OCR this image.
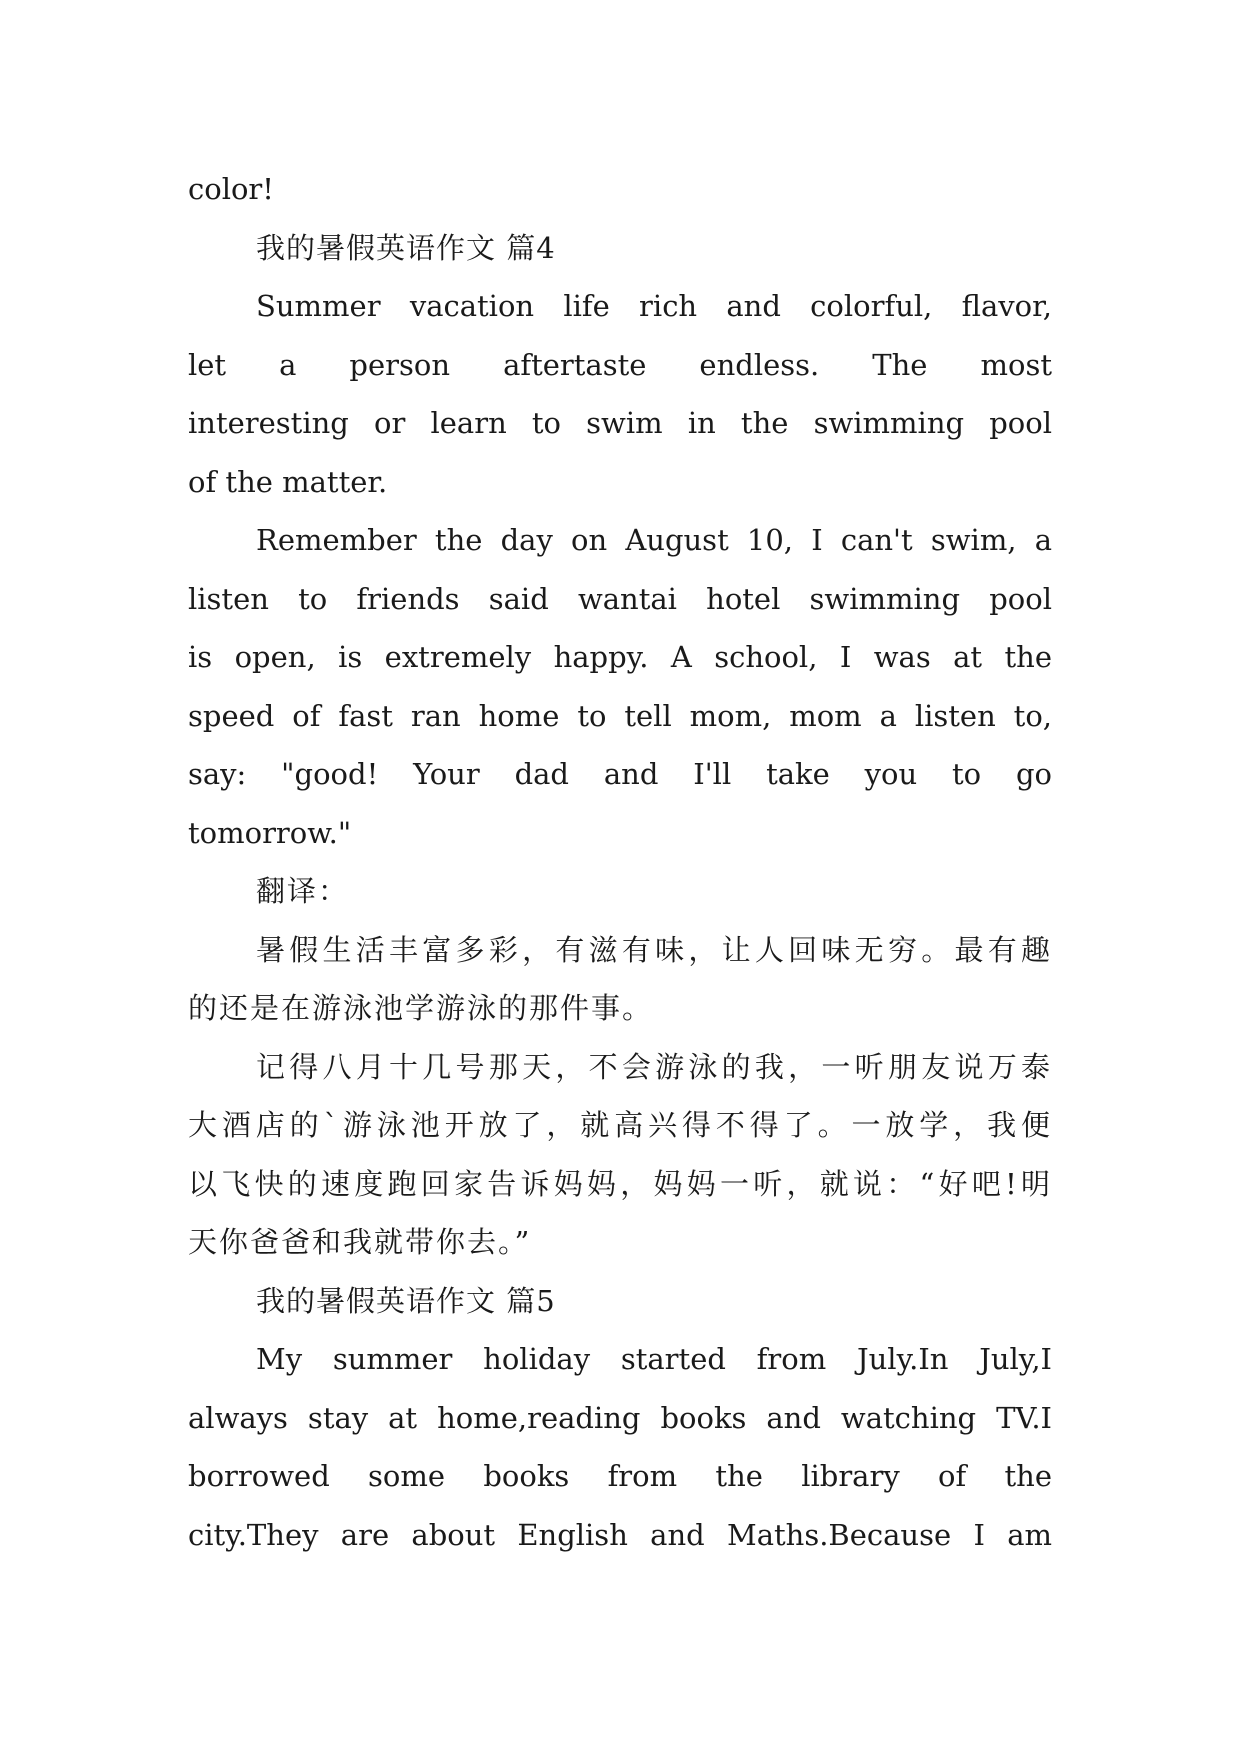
color!
我的暑假英语作文 篇4
Summer vacation life rich and colorful, flavor,
let a person aftertaste endless. The most
interesting or learn to swim in the swimming pool
of the matter.
Remember the day on August 10, I can't swim, a
listen to friends said wantai hotel swimming pool
is open, is extremely happy. A school, I was at the
speed of fast ran home to tell mom, mom a listen to,
say: "good! Your dad and I'll take you to go
tomorrow."
翻译：
暑假生活丰富多彩，有滋有味，让人回味无穷。最有趣
的还是在游泳池学游泳的那件事。
记得八月十几号那天，不会游泳的我，一听朋友说万泰
大酒店的`游泳池开放了，就高兴得不得了。一放学，我便
以飞快的速度跑回家告诉妈妈，妈妈一听，就说：“好吧!明
天你爸爸和我就带你去。”
我的暑假英语作文 篇5
My summer holiday started from July.In July,I
always stay at home,reading books and watching TV.I
borrowed some books from the library of the
city.They are about English and Maths.Because I am
